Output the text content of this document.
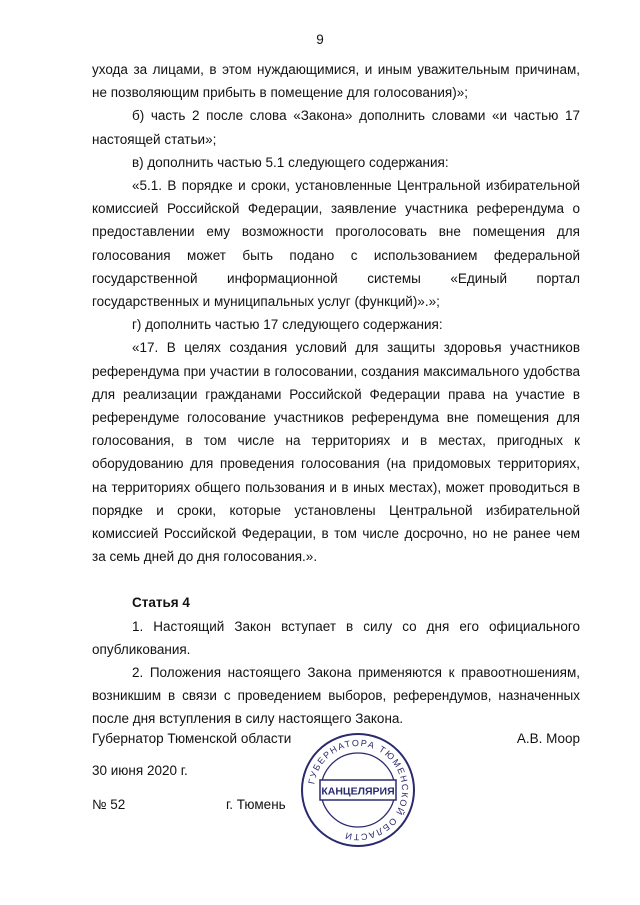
9

ухода за лицами, в этом нуждающимися, и иным уважительным причинам, не позволяющим прибыть в помещение для голосования)»;

б) часть 2 после слова «Закона» дополнить словами «и частью 17 настоящей статьи»;

в) дополнить частью 5.1 следующего содержания:

«5.1. В порядке и сроки, установленные Центральной избирательной комиссией Российской Федерации, заявление участника референдума о предоставлении ему возможности проголосовать вне помещения для голосования может быть подано с использованием федеральной государственной информационной системы «Единый портал государственных и муниципальных услуг (функций)».»;

г) дополнить частью 17 следующего содержания:

«17. В целях создания условий для защиты здоровья участников референдума при участии в голосовании, создания максимального удобства для реализации гражданами Российской Федерации права на участие в референдуме голосование участников референдума вне помещения для голосования, в том числе на территориях и в местах, пригодных к оборудованию для проведения голосования (на придомовых территориях, на территориях общего пользования и в иных местах), может проводиться в порядке и сроки, которые установлены Центральной избирательной комиссией Российской Федерации, в том числе досрочно, но не ранее чем за семь дней до дня голосования.».

Статья 4

1. Настоящий Закон вступает в силу со дня его официального опубликования.

2. Положения настоящего Закона применяются к правоотношениям, возникшим в связи с проведением выборов, референдумов, назначенных после дня вступления в силу настоящего Закона.

Губернатор Тюменской области	А.В. Моор
30 июня 2020 г.
№ 52	г. Тюмень
ГУБЕРНАТОРА ТЮМЕНСКОЙ ОБЛАСТИ
КАНЦЕЛЯРИЯ
